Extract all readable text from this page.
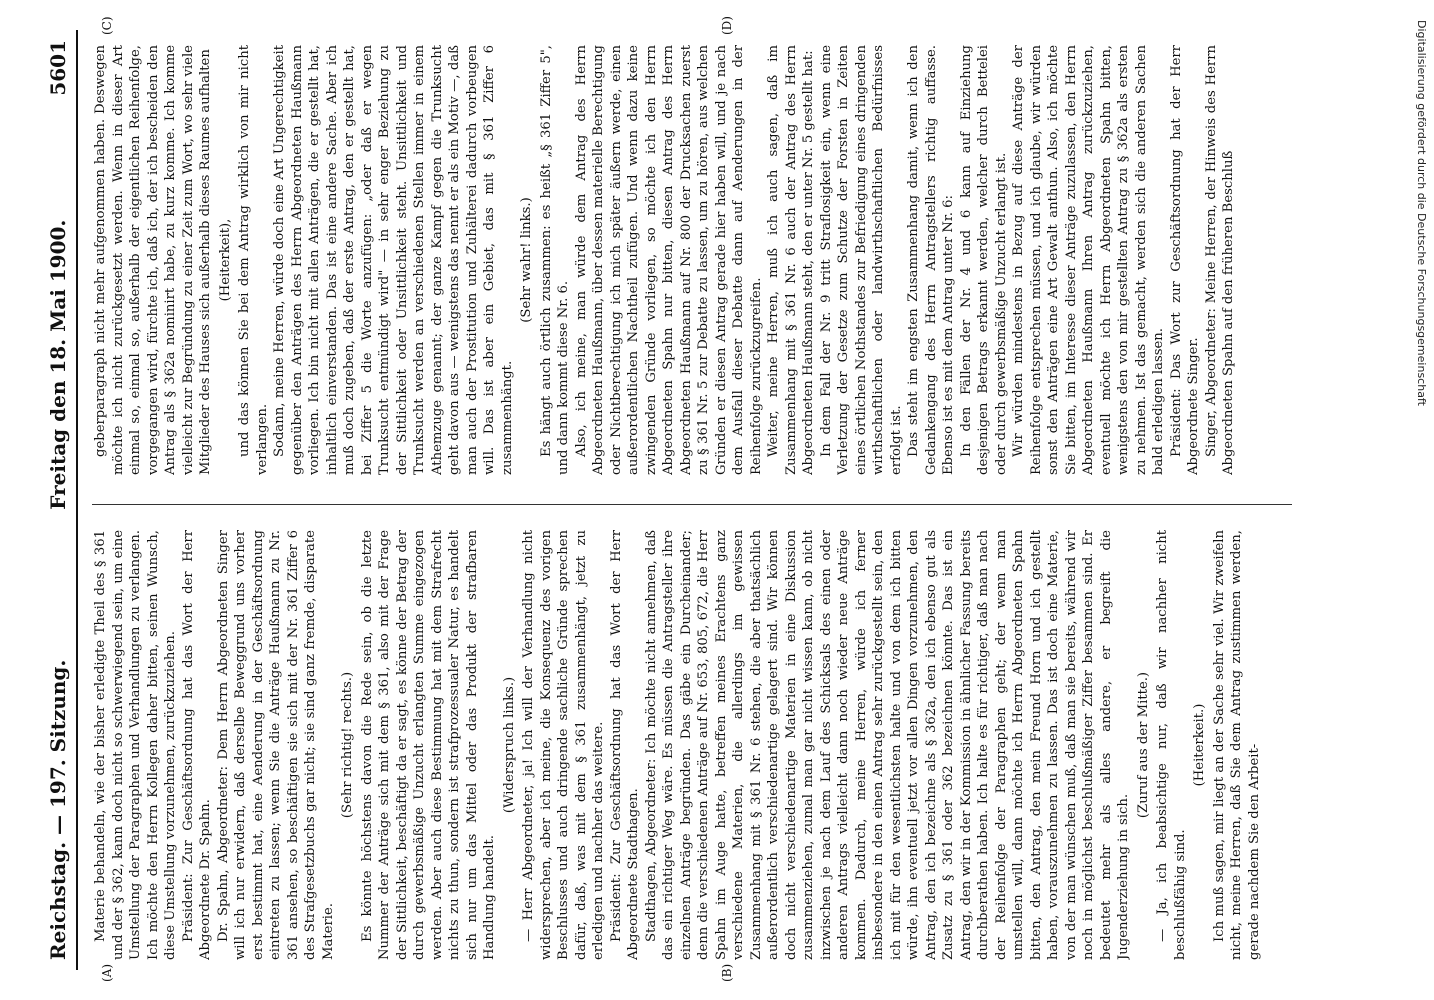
Reichstag. — 197. Sitzung.
Freitag den 18. Mai 1900.  5601
(A)	(B)
(C)	(D)

Materie behandeln, wie der bisher erledigte Theil des § 361 und der § 362, kann doch nicht so schwerwiegend sein, um eine Umstellung der Paragraphen und Verhandlungen zu verlangen. Ich möchte den Herrn Kollegen daher bitten, seinen Wunsch, diese Umstellung vorzunehmen, zurückzuziehen. Präsident: Zur Geschäftsordnung hat das Wort der Herr Abgeordnete Dr. Spahn. Dr. Spahn, Abgeordneter: Dem Herrn Abgeordneten Singer will ich nur erwidern, daß derselbe Beweggrund uns vorher erst bestimmt hat, eine Aenderung in der Geschäftsordnung eintreten zu lassen; wenn Sie die Anträge Haußmann zu Nr. 361 ansehen, so beschäftigen sie sich mit der Nr. 361 Ziffer 6 des Strafgesetzbuchs gar nicht; sie sind ganz fremde, disparate Materie.

(Sehr richtig! rechts.) Es könnte höchstens davon die Rede sein, ob die letzte Nummer der Anträge sich mit dem § 361, also mit der Frage der Sittlichkeit, beschäftigt da er sagt, es könne der Betrag der durch gewerbsmäßige Unzucht erlangten Summe eingezogen werden. Aber auch diese Bestimmung hat mit dem Strafrecht nichts zu thun, sondern ist strafprozessualer Natur, es handelt sich nur um das Mittel oder das Produkt der strafbaren Handlung handelt.

(Widerspruch links.) — Herr Abgeordneter, ja! Ich will der Verhandlung nicht widersprechen, aber ich meine, die Konsequenz des vorigen Beschlusses und auch dringende sachliche Gründe sprechen dafür, daß, was mit dem § 361 zusammenhängt, jetzt zu erledigen und nachher das weitere. Präsident: Zur Geschäftsordnung hat das Wort der Herr Abgeordnete Stadthagen. Stadthagen, Abgeordneter: Ich möchte nicht annehmen, daß das ein richtiger Weg wäre. Es müssen die Antragsteller ihre einzelnen Anträge begründen. Das gäbe ein Durcheinander; denn die verschiedenen Anträge auf Nr. 653, 805, 672, die Herr Spahn im Auge hatte, betreffen meines Erachtens ganz verschiedene Materien, die allerdings im gewissen Zusammenhang mit § 361 Nr. 6 stehen, die aber thatsächlich außerordentlich verschiedenartige gelagert sind. Wir können doch nicht verschiedenartige Materien in eine Diskussion zusammenziehen, zumal man gar nicht wissen kann, ob nicht inzwischen je nach dem Lauf des Schicksals des einen oder anderen Antrags vielleicht dann noch wieder neue Anträge kommen. Dadurch, meine Herren, würde ich ferner insbesondere in den einen Antrag sehr zurückgestellt sein, den ich mit für den wesentlichsten halte und von dem ich bitten würde, ihn eventuell jetzt vor allen Dingen vorzunehmen, den Antrag, den ich bezeichne als § 362a, den ich ebenso gut als Zusatz zu § 361 oder 362 bezeichnen könnte. Das ist ein Antrag, den wir in der Kommission in ähnlicher Fassung bereits durchberathen haben. Ich halte es für richtiger, daß man nach der Reihenfolge der Paragraphen geht; der wenn man umstellen will, dann möchte ich Herrn Abgeordneten Spahn bitten, den Antrag, den mein Freund Horn und ich gestellt haben, vorauszunehmen zu lassen. Das ist doch eine Materie, von der man wünschen muß, daß man sie bereits, während wir noch in möglichst beschlußmäßiger Ziffer besammen sind. Er bedeutet mehr als alles andere, er begreift die Jugenderziehung in sich.

(Zuruf aus der Mitte.) — Ja, ich beabsichtige nur, daß wir nachher nicht beschlußfähig sind.

(Heiterkeit.) Ich muß sagen, mir liegt an der Sache sehr viel. Wir zweifeln nicht, meine Herren, daß Sie dem Antrag zustimmen werden, gerade nachdem Sie den Arbeit-

geberparagraph nicht mehr aufgenommen haben. Deswegen möchte ich nicht zurückgesetzt werden. Wenn in dieser Art einmal so, einmal so, außerhalb der eigentlichen Reihenfolge, vorgegangen wird, fürchte ich, daß ich, der ich bescheiden den Antrag als § 362a nominirt habe, zu kurz komme. Ich komme vielleicht zur Begründung zu einer Zeit zum Wort, wo sehr viele Mitglieder des Hauses sich außerhalb dieses Raumes aufhalten (Heiterkeit), und das können Sie bei dem Antrag wirklich von mir nicht verlangen. Sodann, meine Herren, würde doch eine Art Ungerechtigkeit gegenüber den Anträgen des Herrn Abgeordneten Haußmann vorliegen. Ich bin nicht mit allen Anträgen, die er gestellt hat, inhaltlich einverstanden. Das ist eine andere Sache. Aber ich muß doch zugeben, daß der erste Antrag, den er gestellt hat, bei Ziffer 5 die Worte anzufügen: „oder daß er wegen Trunksucht entmündigt wird" — in sehr enger Beziehung zu der Sittlichkeit oder Unsittlichkeit steht. Unsittlichkeit und Trunksucht werden an verschiedenen Stellen immer in einem Athemzuge genannt; der ganze Kampf gegen die Trunksucht geht davon aus — wenigstens das nennt er als ein Motiv —, daß man auch der Prostitution und Zuhälterei dadurch vorbeugen will. Das ist aber ein Gebiet, das mit § 361 Ziffer 6 zusammenhängt.

(Sehr wahr! links.) Es hängt auch örtlich zusammen: es heißt „§ 361 Ziffer 5", und dann kommt diese Nr. 6. Also, ich meine, man würde dem Antrag des Herrn Abgeordneten Haußmann, über dessen materielle Berechtigung oder Nichtberechtigung ich mich später äußern werde, einen außerordentlichen Nachtheil zufügen. Und wenn dazu keine zwingenden Gründe vorliegen, so möchte ich den Herrn Abgeordneten Spahn nur bitten, diesen Antrag des Herrn Abgeordneten Haußmann auf Nr. 800 der Drucksachen zuerst zu § 361 Nr. 5 zur Debatte zu lassen, um zu hören, aus welchen Gründen er diesen Antrag gerade hier haben will, und je nach dem Ausfall dieser Debatte dann auf Aenderungen in der Reihenfolge zurückzugreifen. Weiter, meine Herren, muß ich auch sagen, daß im Zusammenhang mit § 361 Nr. 6 auch der Antrag des Herrn Abgeordneten Haußmann steht, den er unter Nr. 5 gestellt hat: In dem Fall der Nr. 9 tritt Straflosigkeit ein, wenn eine Verletzung der Gesetze zum Schutze der Forsten in Zeiten eines örtlichen Nothstandes zur Befriedigung eines dringenden wirthschaftlichen oder landwirthschaftlichen Bedürfnisses erfolgt ist. Das steht im engsten Zusammenhang damit, wenn ich den Gedankengang des Herrn Antragstellers richtig auffasse. Ebenso ist es mit dem Antrag unter Nr. 6: In den Fällen der Nr. 4 und 6 kann auf Einziehung desjenigen Betrags erkannt werden, welcher durch Bettelei oder durch gewerbsmäßige Unzucht erlangt ist. Wir würden mindestens in Bezug auf diese Anträge der Reihenfolge entsprechen müssen, und ich glaube, wir würden sonst den Anträgen eine Art Gewalt anthun. Also, ich möchte Sie bitten, im Interesse dieser Anträge zuzulassen, den Herrn Abgeordneten Haußmann Ihren Antrag zurückzuziehen, eventuell möchte ich Herrn Abgeordneten Spahn bitten, wenigstens den von mir gestellten Antrag zu § 362a als ersten zu nehmen. Ist das gemacht, werden sich die anderen Sachen bald erledigen lassen. Präsident: Das Wort zur Geschäftsordnung hat der Herr Abgeordnete Singer. Singer, Abgeordneter: Meine Herren, der Hinweis des Herrn Abgeordneten Spahn auf den früheren Beschluß	Digitalisierung gefördert durch die Deutsche Forschungsgemeinschaft
